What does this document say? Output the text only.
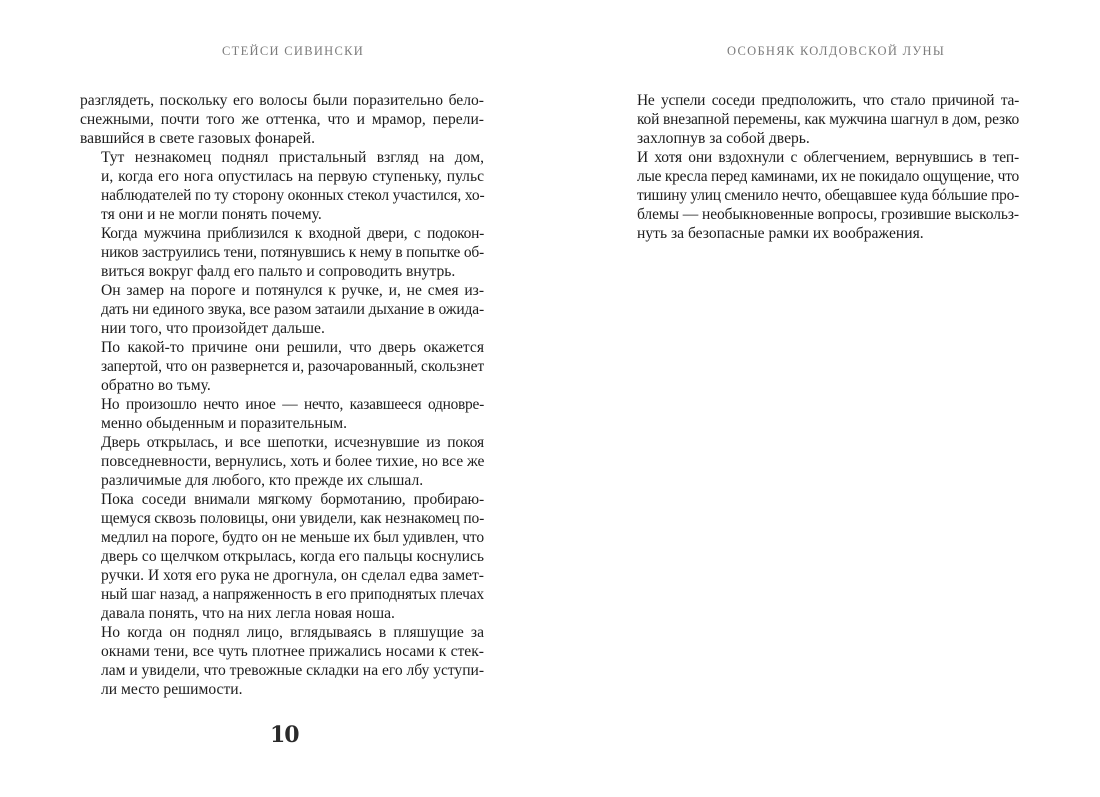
СТЕЙСИ СИВИНСКИ

разглядеть, поскольку его волосы были поразительно бело-
снежными, почти того же оттенка, что и мрамор, перели-
вавшийся в свете газовых фонарей.

Тут незнакомец поднял пристальный взгляд на дом,
и, когда его нога опустилась на первую ступеньку, пульс
наблюдателей по ту сторону оконных стекол участился, хо-
тя они и не могли понять почему.

Когда мужчина приблизился к входной двери, с подокон-
ников заструились тени, потянувшись к нему в попытке об-
виться вокруг фалд его пальто и сопроводить внутрь.

Он замер на пороге и потянулся к ручке, и, не смея из-
дать ни единого звука, все разом затаили дыхание в ожида-
нии того, что произойдет дальше.

По какой-то причине они решили, что дверь окажется
запертой, что он развернется и, разочарованный, скользнет
обратно во тьму.

Но произошло нечто иное — нечто, казавшееся одновре-
менно обыденным и поразительным.

Дверь открылась, и все шепотки, исчезнувшие из покоя
повседневности, вернулись, хоть и более тихие, но все же
различимые для любого, кто прежде их слышал.

Пока соседи внимали мягкому бормотанию, пробираю-
щемуся сквозь половицы, они увидели, как незнакомец по-
медлил на пороге, будто он не меньше их был удивлен, что
дверь со щелчком открылась, когда его пальцы коснулись
ручки. И хотя его рука не дрогнула, он сделал едва замет-
ный шаг назад, а напряженность в его приподнятых плечах
давала понять, что на них легла новая ноша.

Но когда он поднял лицо, вглядываясь в пляшущие за
окнами тени, все чуть плотнее прижались носами к стек-
лам и увидели, что тревожные складки на его лбу уступи-
ли место решимости.

10
ОСОБНЯК КОЛДОВСКОЙ ЛУНЫ

Не успели соседи предположить, что стало причиной та-
кой внезапной перемены, как мужчина шагнул в дом, резко
захлопнув за собой дверь.

И хотя они вздохнули с облегчением, вернувшись в теп-
лые кресла перед каминами, их не покидало ощущение, что
тишину улиц сменило нечто, обещавшее куда бóльшие про-
блемы — необыкновенные вопросы, грозившие выскольз-
нуть за безопасные рамки их воображения.
